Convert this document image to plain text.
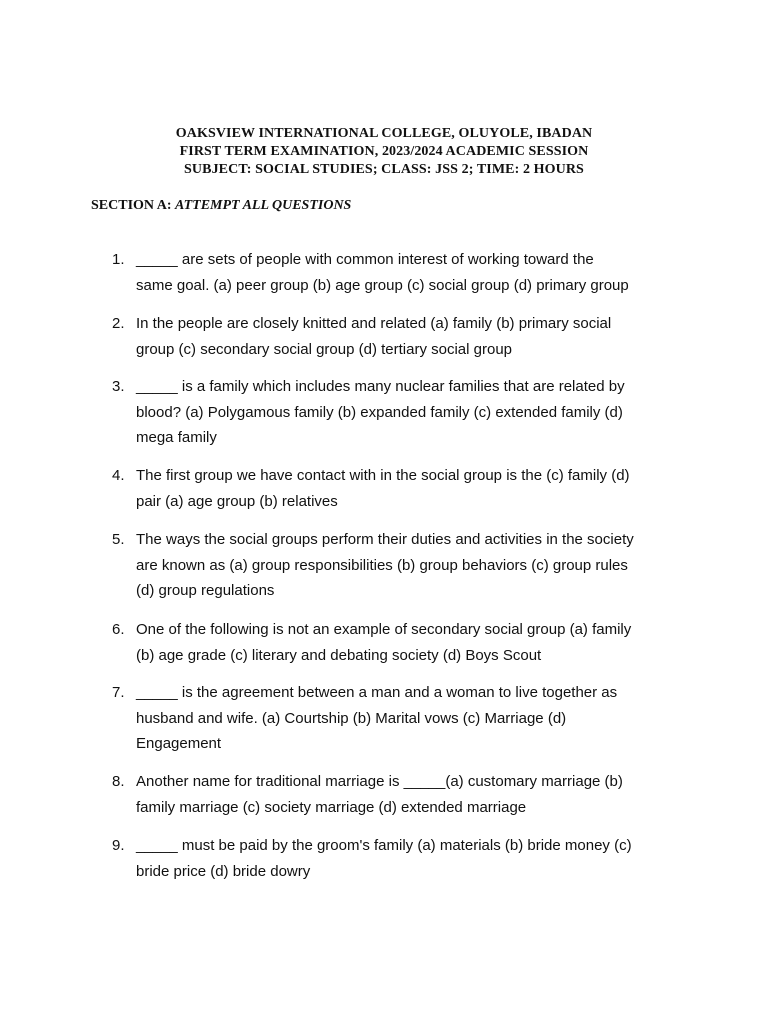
OAKSVIEW INTERNATIONAL COLLEGE, OLUYOLE, IBADAN
FIRST TERM EXAMINATION, 2023/2024 ACADEMIC SESSION
SUBJECT: SOCIAL STUDIES; CLASS: JSS 2; TIME: 2 HOURS
SECTION A: ATTEMPT ALL QUESTIONS
1. _____ are sets of people with common interest of working toward the
same goal. (a) peer group (b) age group (c) social group (d) primary group
2. In the people are closely knitted and related (a) family (b) primary social
group (c) secondary social group (d) tertiary social group
3. _____ is a family which includes many nuclear families that are related by
blood? (a) Polygamous family (b) expanded family (c) extended family (d)
mega family
4. The first group we have contact with in the social group is the (c) family (d)
pair (a) age group (b) relatives
5. The ways the social groups perform their duties and activities in the society
are known as (a) group responsibilities (b) group behaviors (c) group rules
(d) group regulations
6. One of the following is not an example of secondary social group (a) family
(b) age grade (c) literary and debating society (d) Boys Scout
7. _____ is the agreement between a man and a woman to live together as
husband and wife. (a) Courtship (b) Marital vows (c) Marriage (d)
Engagement
8. Another name for traditional marriage is _____(a) customary marriage (b)
family marriage (c) society marriage (d) extended marriage
9. _____ must be paid by the groom's family (a) materials (b) bride money (c)
bride price (d) bride dowry
